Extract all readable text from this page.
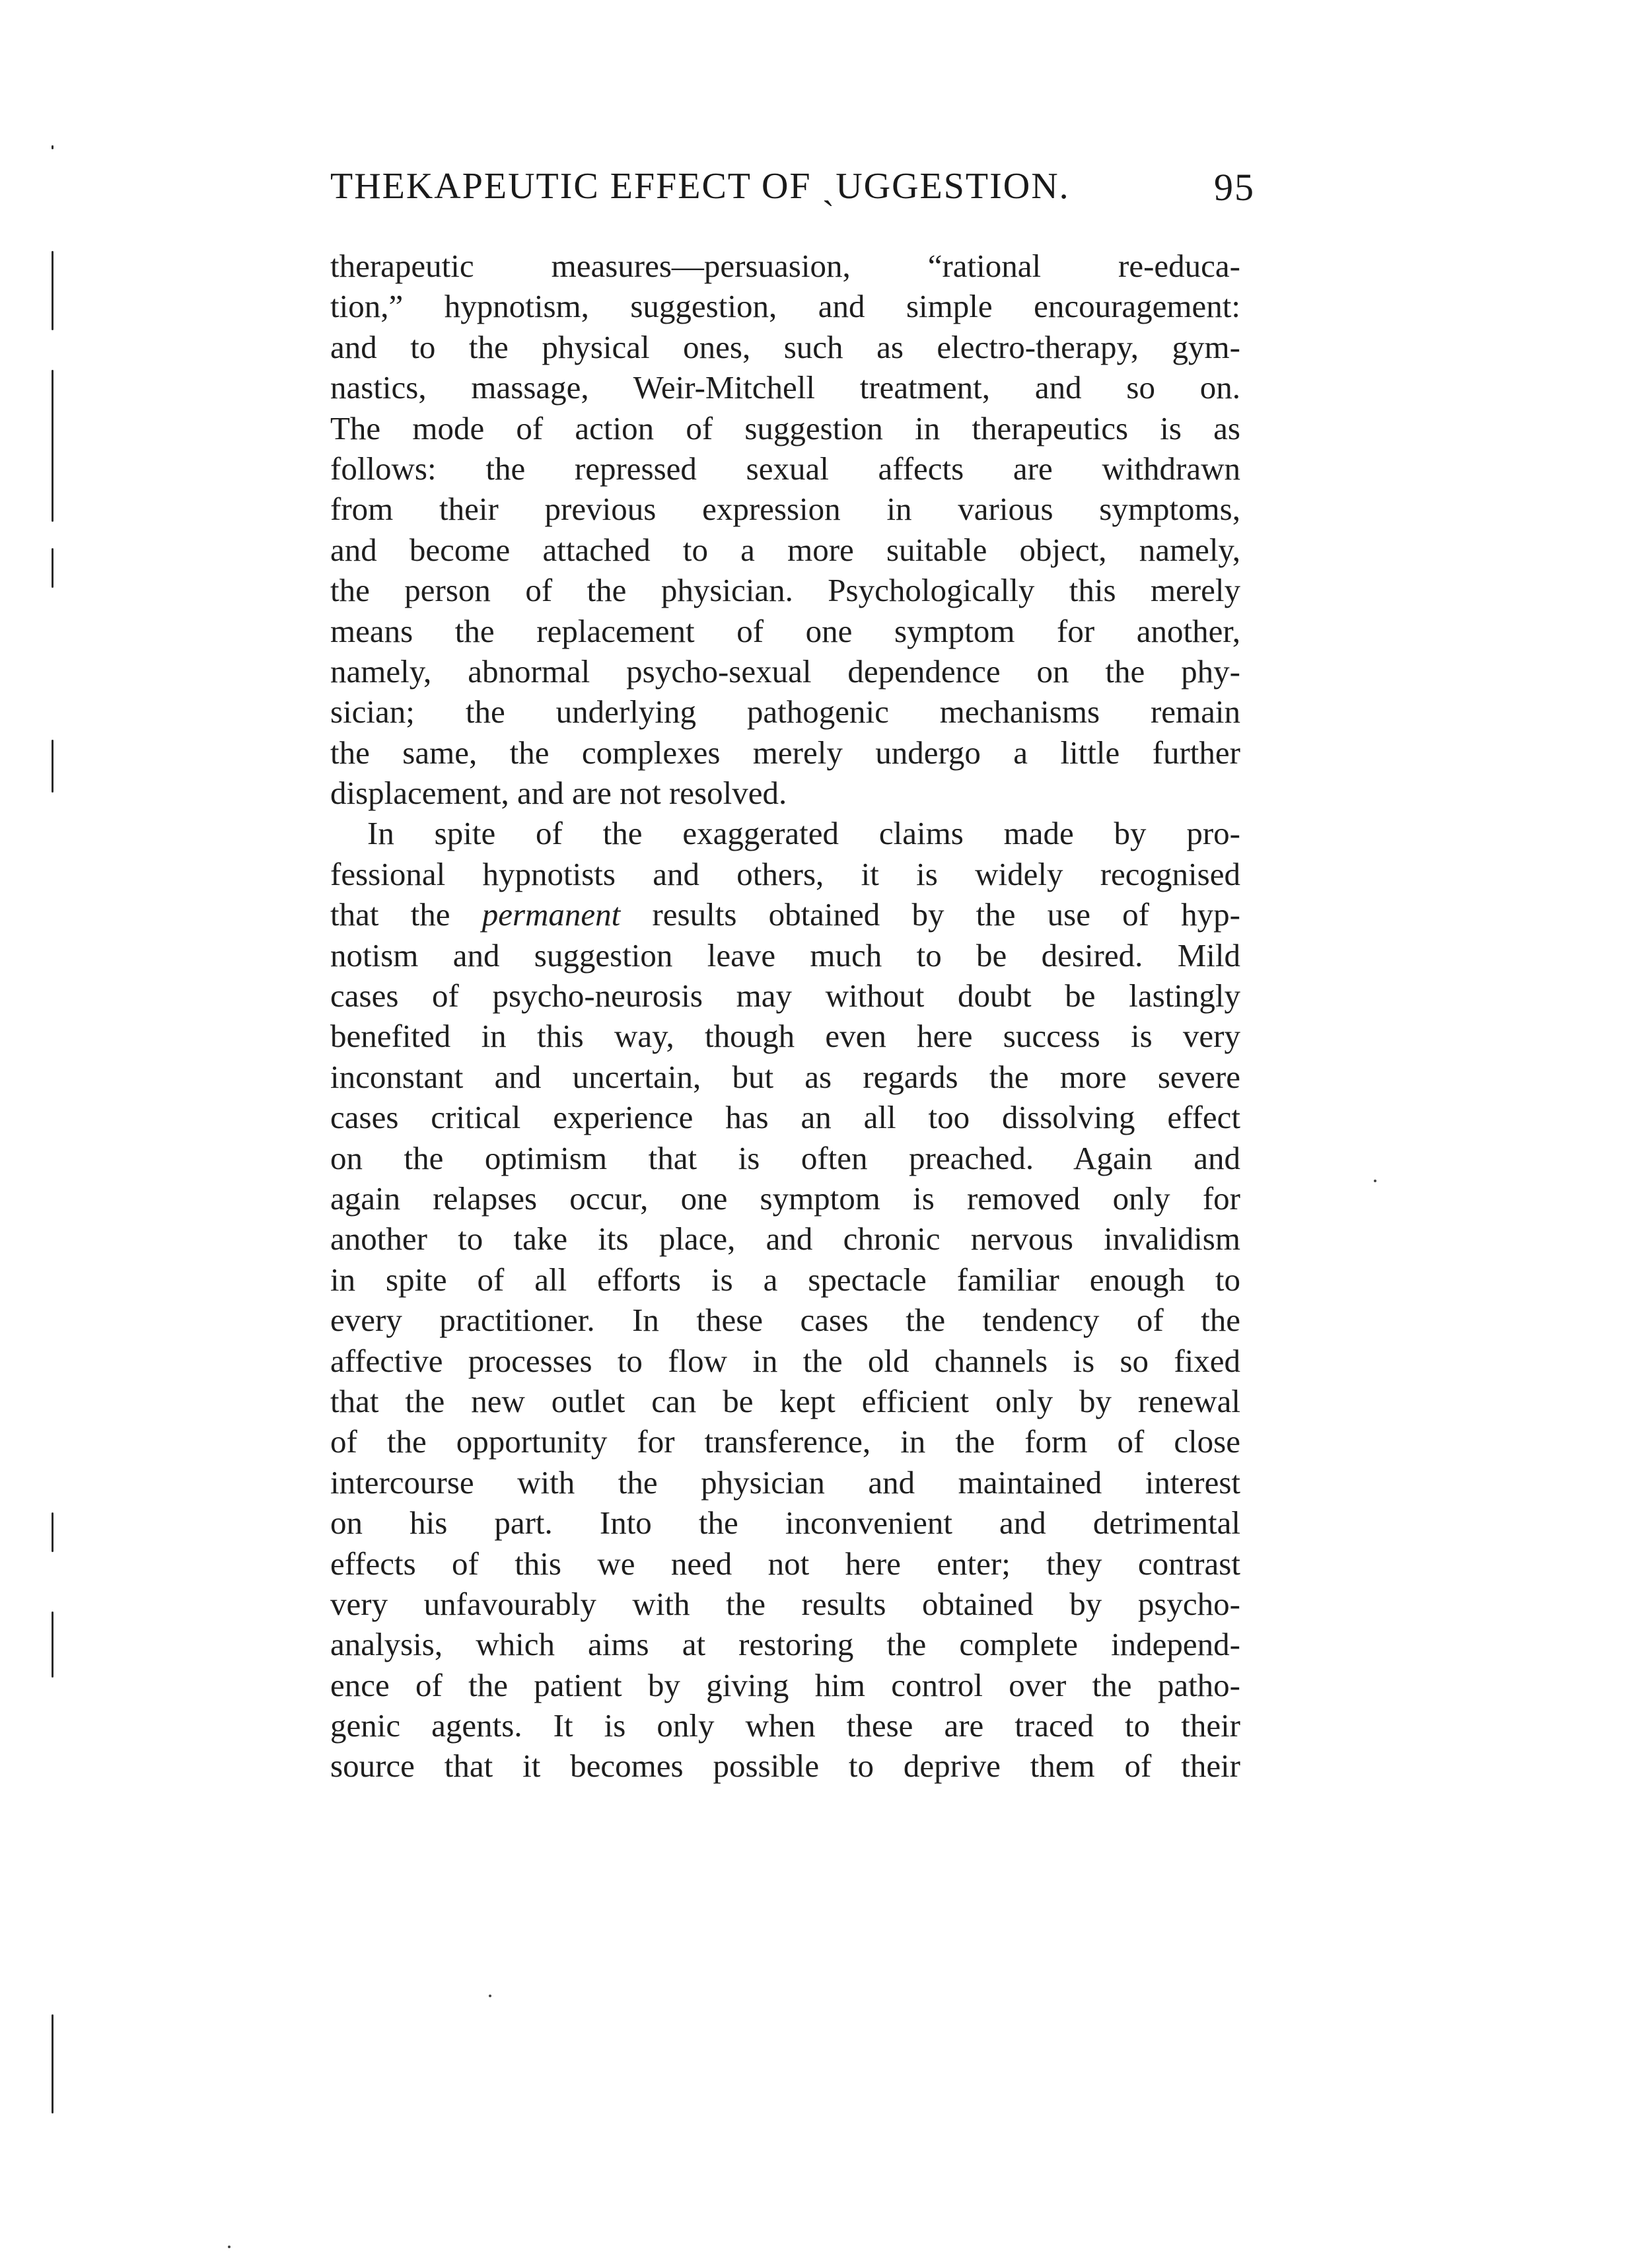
THEKAPEUTIC EFFECT OF ˎUGGESTION.	95
therapeutic measures—persuasion, “rational re-educa-
tion,” hypnotism, suggestion, and simple encouragement:
and to the physical ones, such as electro-therapy, gym-
nastics, massage, Weir-Mitchell treatment, and so on.
The mode of action of suggestion in therapeutics is as
follows: the repressed sexual affects are withdrawn
from their previous expression in various symptoms,
and become attached to a more suitable object, namely,
the person of the physician. Psychologically this merely
means the replacement of one symptom for another,
namely, abnormal psycho-sexual dependence on the phy-
sician; the underlying pathogenic mechanisms remain
the same, the complexes merely undergo a little further
displacement, and are not resolved.
In spite of the exaggerated claims made by pro-
fessional hypnotists and others, it is widely recognised
that the permanent results obtained by the use of hyp-
notism and suggestion leave much to be desired. Mild
cases of psycho-neurosis may without doubt be lastingly
benefited in this way, though even here success is very
inconstant and uncertain, but as regards the more severe
cases critical experience has an all too dissolving effect
on the optimism that is often preached. Again and
again relapses occur, one symptom is removed only for
another to take its place, and chronic nervous invalidism
in spite of all efforts is a spectacle familiar enough to
every practitioner. In these cases the tendency of the
affective processes to flow in the old channels is so fixed
that the new outlet can be kept efficient only by renewal
of the opportunity for transference, in the form of close
intercourse with the physician and maintained interest
on his part. Into the inconvenient and detrimental
effects of this we need not here enter; they contrast
very unfavourably with the results obtained by psycho-
analysis, which aims at restoring the complete independ-
ence of the patient by giving him control over the patho-
genic agents. It is only when these are traced to their
source that it becomes possible to deprive them of their
